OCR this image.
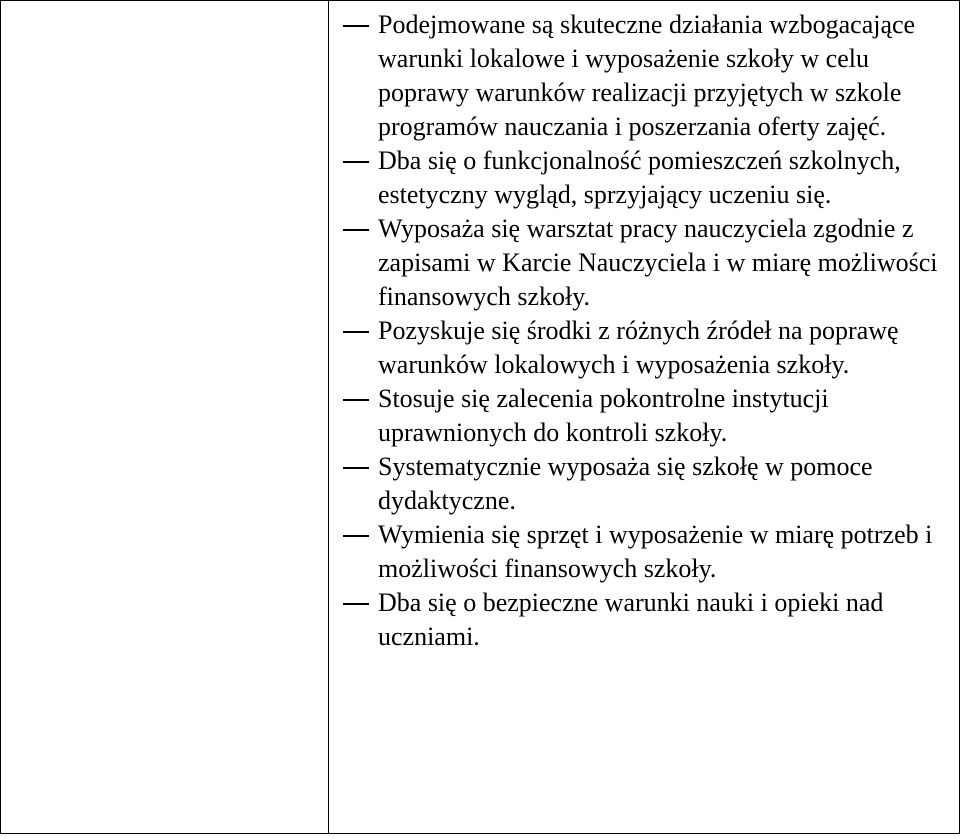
Podejmowane są skuteczne działania wzbogacające warunki lokalowe i wyposażenie szkoły w celu poprawy warunków realizacji przyjętych w szkole programów nauczania i poszerzania oferty zajęć.
Dba się o funkcjonalność pomieszczeń szkolnych, estetyczny wygląd, sprzyjający uczeniu się.
Wyposaża się warsztat pracy nauczyciela zgodnie z zapisami w Karcie Nauczyciela i w miarę możliwości finansowych szkoły.
Pozyskuje się środki z różnych źródeł na poprawę warunków lokalowych i wyposażenia szkoły.
Stosuje się zalecenia pokontrolne instytucji uprawnionych do kontroli szkoły.
Systematycznie wyposaża się szkołę w pomoce dydaktyczne.
Wymienia się sprzęt i wyposażenie w miarę potrzeb i możliwości finansowych szkoły.
Dba się o bezpieczne warunki nauki i opieki nad uczniami.
